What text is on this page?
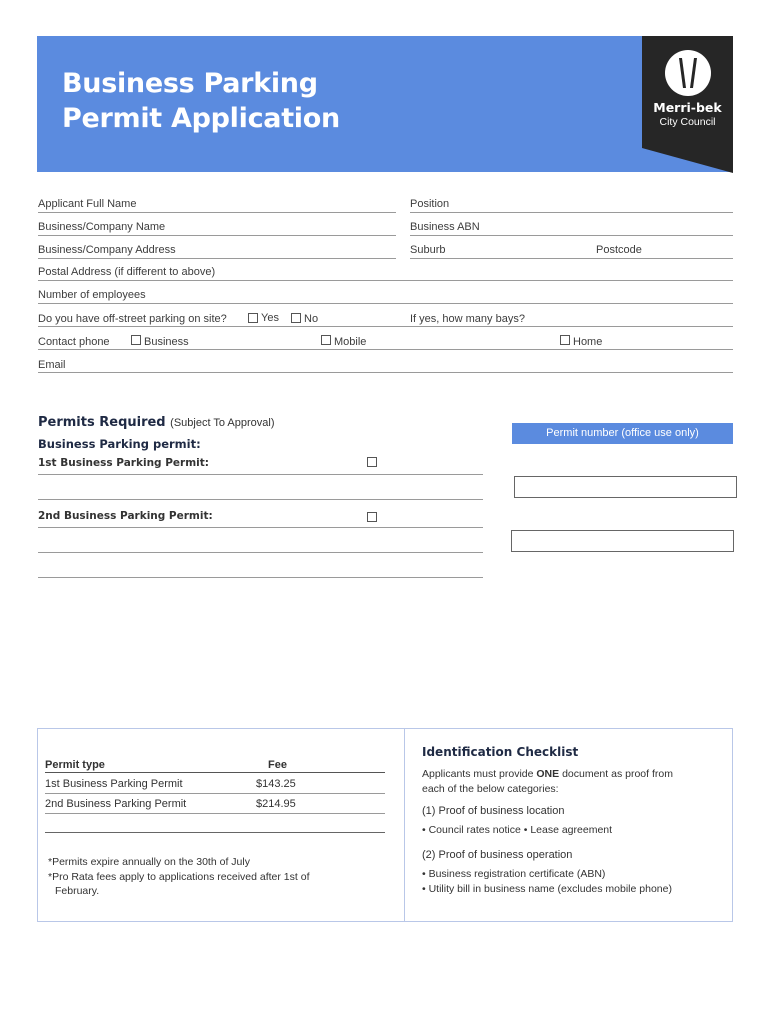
Business Parking
Permit Application	Merri-bek
City Council
Applicant Full Name	Position
Business/Company Name	Business ABN
Business/Company Address	Suburb	Postcode
Postal Address (if different to above)
Number of employees
Do you have off-street parking on site?	Yes No	If yes, how many bays?
Contact phone	Business	Mobile	Home
Email
Permits Required (Subject To Approval)
Business Parking permit:
1st Business Parking Permit:
2nd Business Parking Permit:
Permit number (office use only)
Permit type	Fee
1st Business Parking Permit	$143.25
2nd Business Parking Permit	$214.95
*Permits expire annually on the 30th of July
*Pro Rata fees apply to applications received after 1st of
February.
Identification Checklist
Applicants must provide ONE document as proof from
each of the below categories:
(1) Proof of business location
• Council rates notice • Lease agreement
(2) Proof of business operation
• Business registration certificate (ABN)
• Utility bill in business name (excludes mobile phone)
